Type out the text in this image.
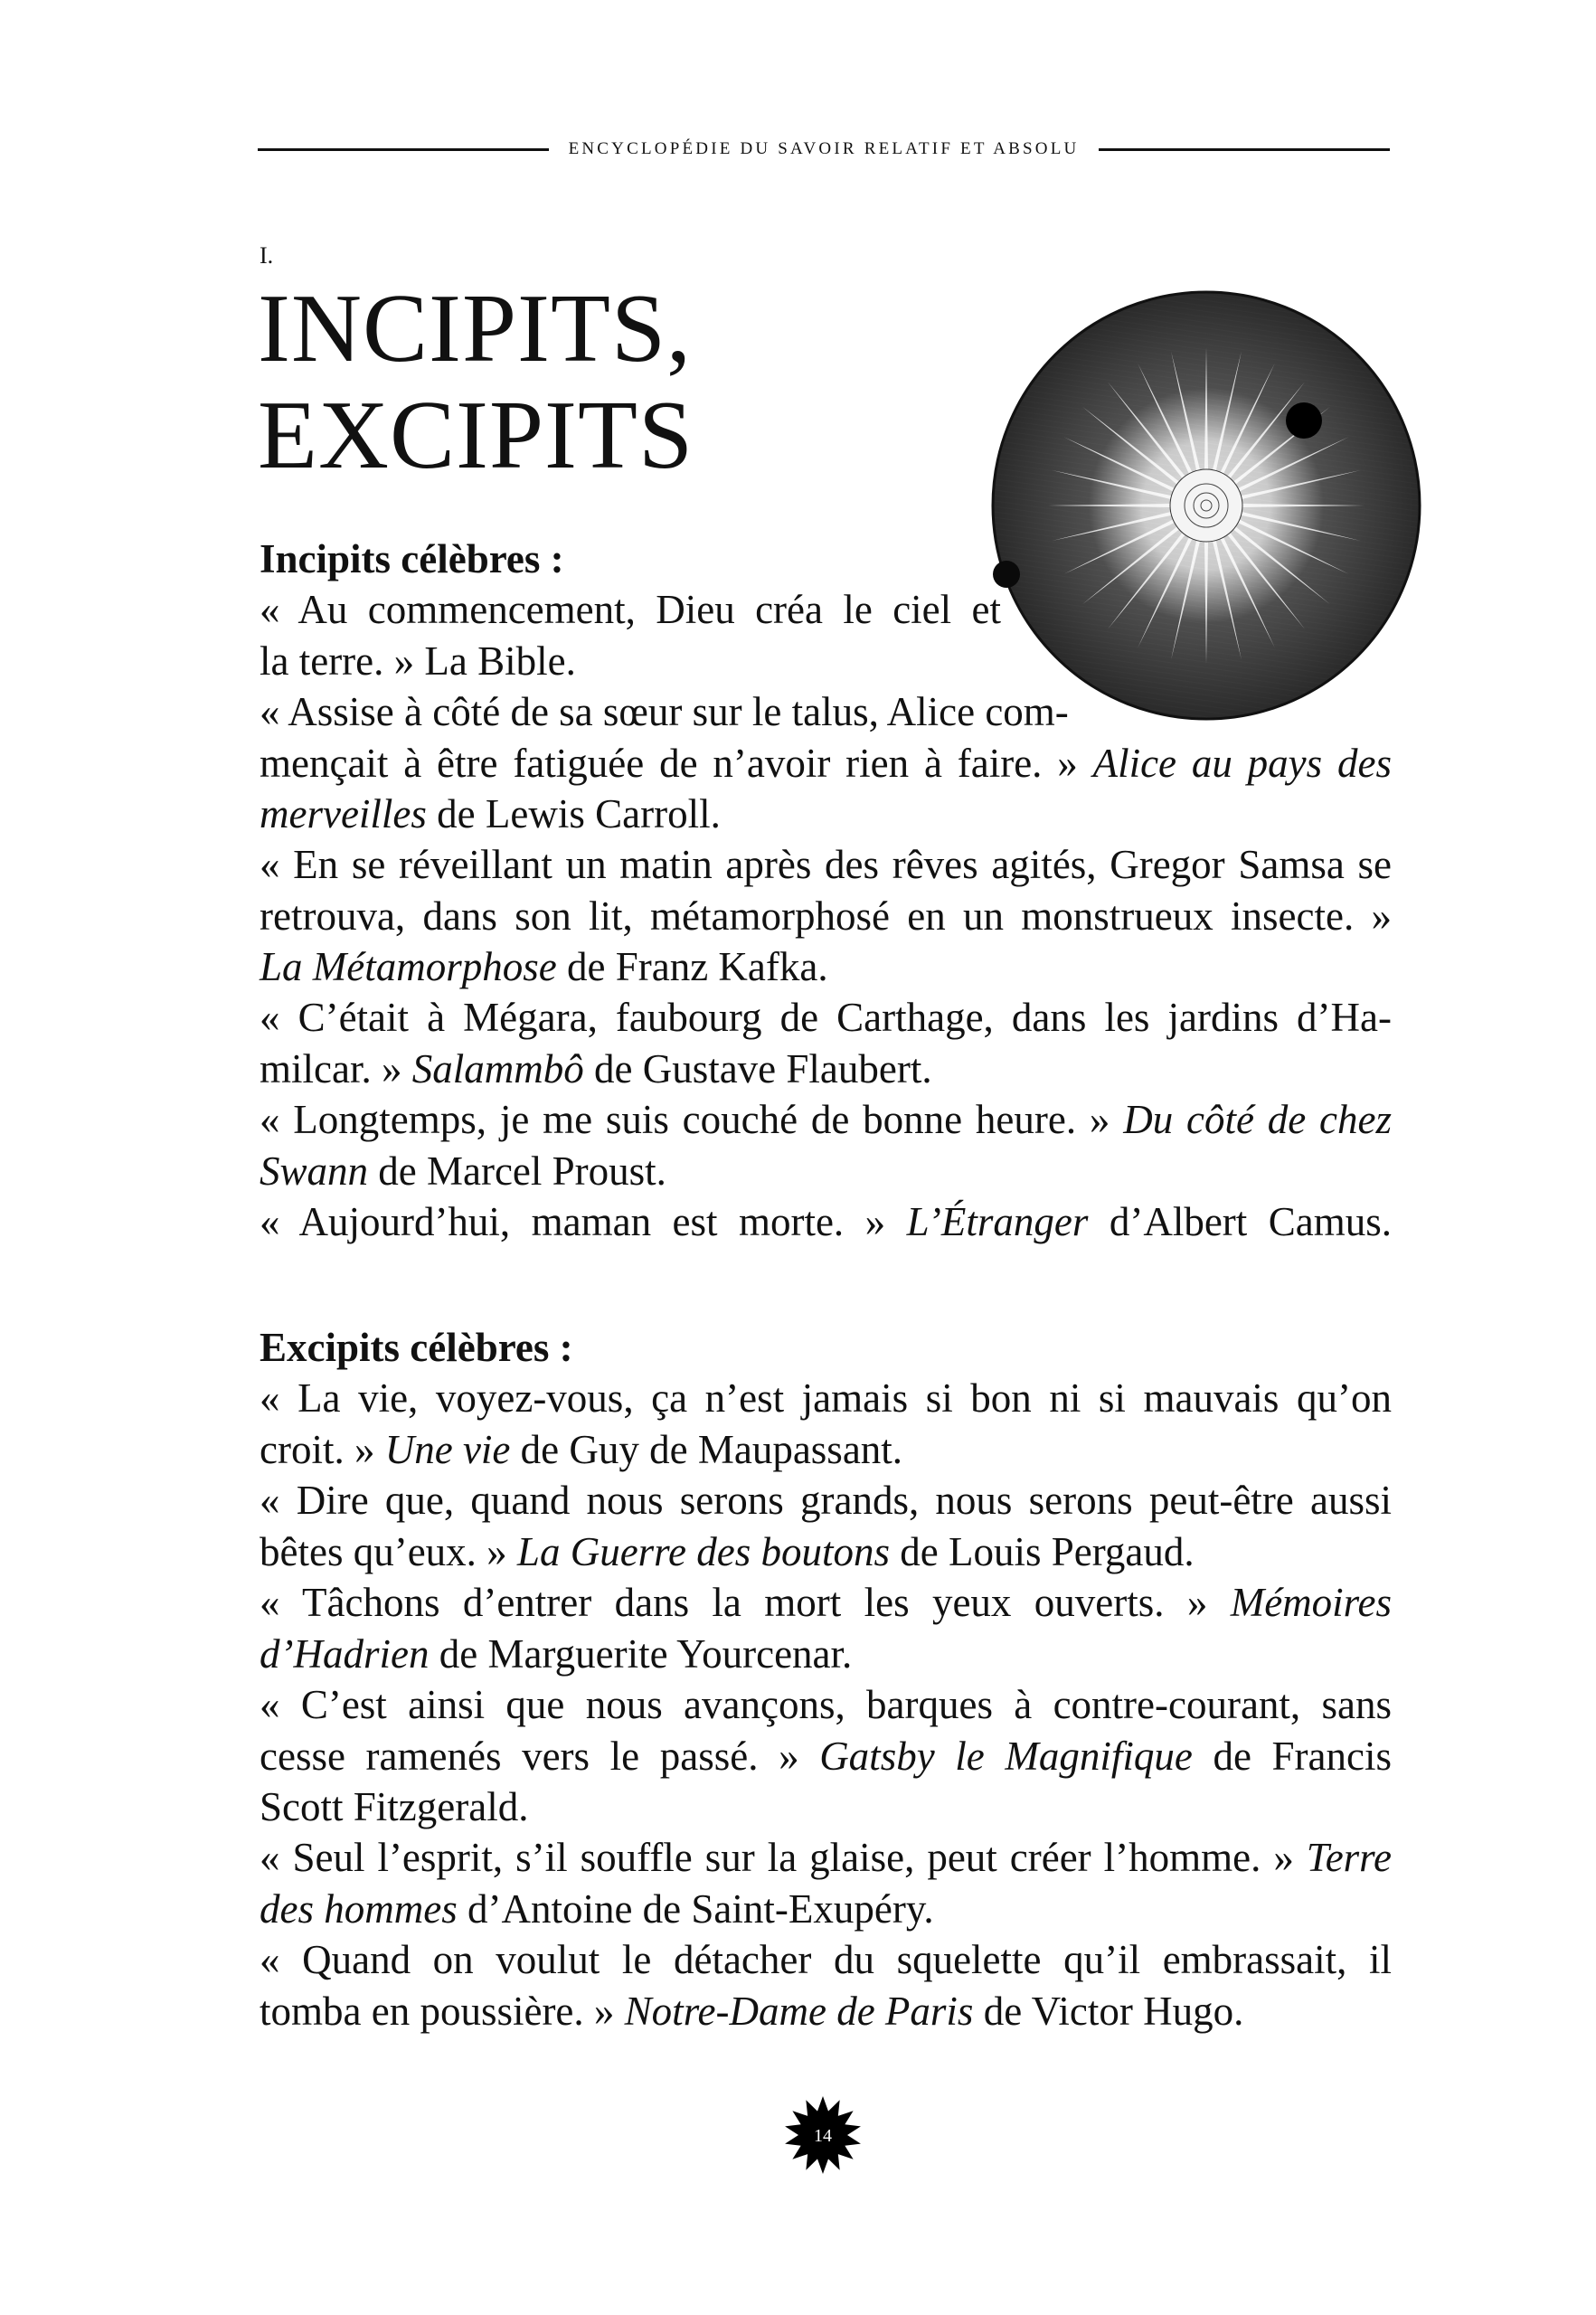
ENCYCLOPÉDIE DU SAVOIR RELATIF ET ABSOLU
I.
INCIPITS,
EXCIPITS
Incipits célèbres :
« Au commencement, Dieu créa le ciel et
la terre. » La Bible.
« Assise à côté de sa sœur sur le talus, Alice com-
mençait à être fatiguée de n’avoir rien à faire. » Alice au pays des
merveilles de Lewis Carroll.
« En se réveillant un matin après des rêves agités, Gregor Samsa se
retrouva, dans son lit, métamorphosé en un monstrueux insecte. »
La Métamorphose de Franz Kafka.
« C’était à Mégara, faubourg de Carthage, dans les jardins d’Ha-
milcar. » Salammbô de Gustave Flaubert.
« Longtemps, je me suis couché de bonne heure. » Du côté de chez
Swann de Marcel Proust.
« Aujourd’hui, maman est morte. » L’Étranger d’Albert Camus.
Excipits célèbres :
« La vie, voyez-vous, ça n’est jamais si bon ni si mauvais qu’on
croit. » Une vie de Guy de Maupassant.
« Dire que, quand nous serons grands, nous serons peut-être aussi
bêtes qu’eux. » La Guerre des boutons de Louis Pergaud.
« Tâchons d’entrer dans la mort les yeux ouverts. » Mémoires
d’Hadrien de Marguerite Yourcenar.
« C’est ainsi que nous avançons, barques à contre-courant, sans
cesse ramenés vers le passé. » Gatsby le Magnifique de Francis
Scott Fitzgerald.
« Seul l’esprit, s’il souffle sur la glaise, peut créer l’homme. » Terre
des hommes d’Antoine de Saint-Exupéry.
« Quand on voulut le détacher du squelette qu’il embrassait, il
tomba en poussière. » Notre-Dame de Paris de Victor Hugo.
14
